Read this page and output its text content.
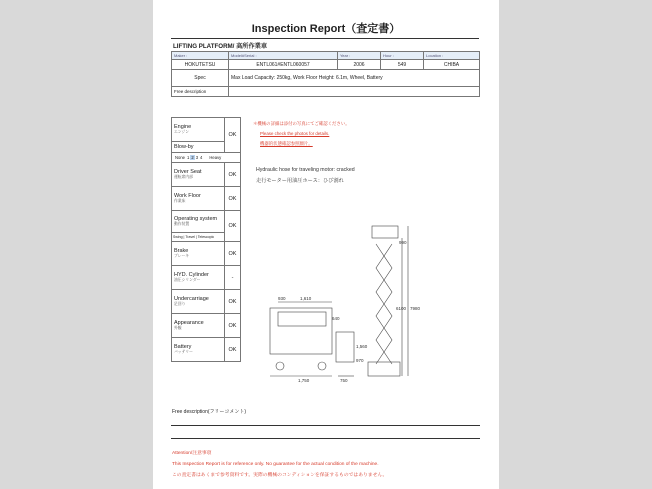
Inspection Report（査定書）
LIFTING PLATFORM/ 高所作業車
Maker :	Model#Serial :	Year :	Hour :	Location :
HOKUTETSU	ENTL061#ENTL060057	2006	549	CHIBA
Spec	Max Load Capacity: 250kg, Work Floor Height: 6.1m, Wheel, Battery			
Free description				
Engine
エンジン	OK
Blow-by	
None 1 2 3 4 Heavy	

Driver Seat
運転席内部	OK

Work Floor
作業床	OK

Operating system
動作装置	OK
Swing | Travel | Telescopic	

Brake
ブレーキ	OK

HYD. Cylinder
油圧シリンダー	-

Undercarriage
足回り	OK

Appearance
外観	OK

Battery
バッテリー	OK
＊機械の詳細は添付の写真にてご確認ください。
Please check the photos for details.
機器的状態確認参照願片。
Hydraulic hose for traveling motor: cracked
走行モーター用油圧ホース：ひび割れ
930	1,610
1,750	750
990
6100 7980
1,560
970
640
Free description(フリーコメント)
Attention/注意事項
This Inspection Report is for reference only. No guarantee for the actual condition of the machine.
この査定書はあくまで参考資料です。実際の機械のコンディションを保証するものではありません。
